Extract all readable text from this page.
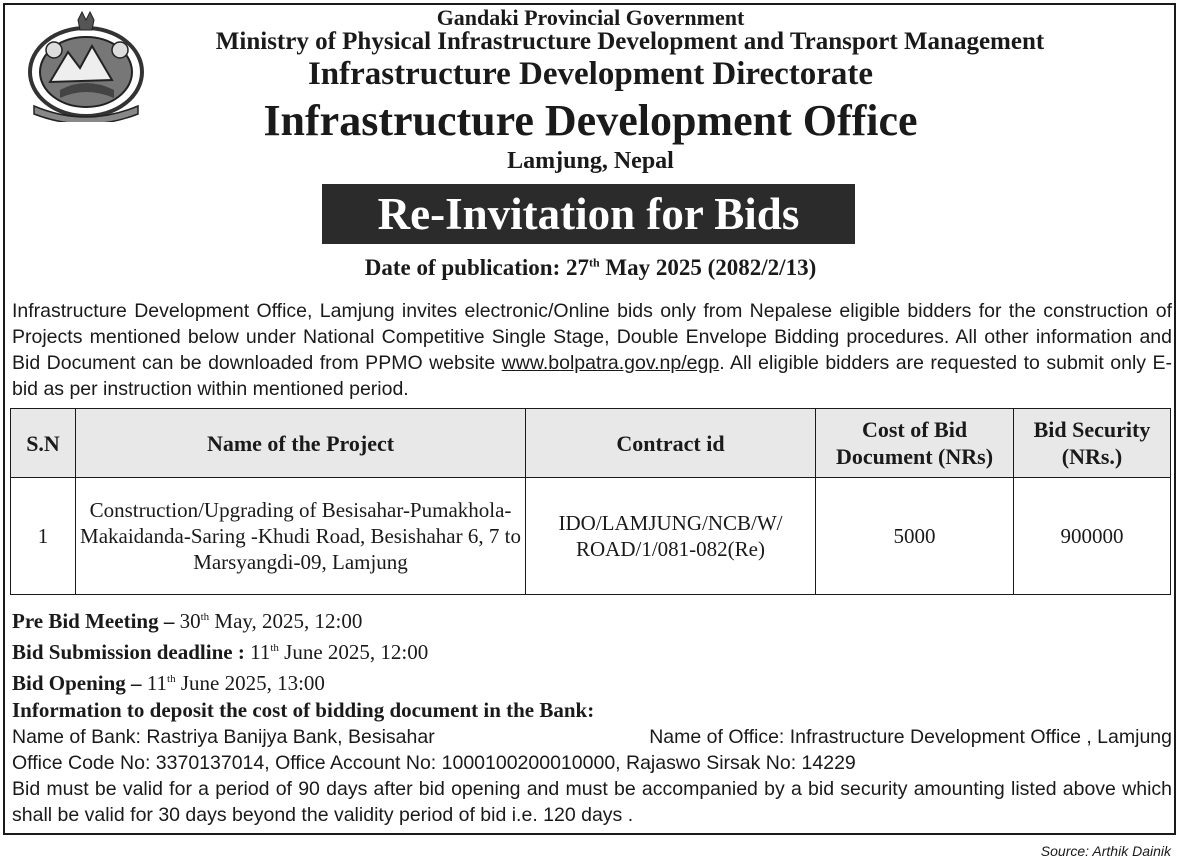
Gandaki Provincial Government
Ministry of Physical Infrastructure Development and Transport Management
Infrastructure Development Directorate
Infrastructure Development Office
Lamjung, Nepal
Re-Invitation for Bids
Date of publication: 27th May 2025 (2082/2/13)
Infrastructure Development Office, Lamjung invites electronic/Online bids only from Nepalese eligible bidders for the construction of Projects mentioned below under National Competitive Single Stage, Double Envelope Bidding procedures. All other information and Bid Document can be downloaded from PPMO website www.bolpatra.gov.np/egp. All eligible bidders are requested to submit only E-bid as per instruction within mentioned period.
S.N	Name of the Project	Contract id	Cost of Bid Document (NRs)	Bid Security (NRs.)
1	Construction/Upgrading of Besisahar-Pumakhola-Makaidanda-Saring -Khudi Road, Besishahar 6, 7 to Marsyangdi-09, Lamjung	IDO/LAMJUNG/NCB/W/ ROAD/1/081-082(Re)	5000	900000
Pre Bid Meeting – 30th May, 2025, 12:00
Bid Submission deadline : 11th June 2025, 12:00
Bid Opening – 11th June 2025, 13:00
Information to deposit the cost of bidding document in the Bank:
Name of Bank: Rastriya Banijya Bank, Besisahar	Name of Office: Infrastructure Development Office , Lamjung
Office Code No: 3370137014, Office Account No: 1000100200010000, Rajaswo Sirsak No: 14229
Bid must be valid for a period of 90 days after bid opening and must be accompanied by a bid security amounting listed above which shall be valid for 30 days beyond the validity period of bid i.e. 120 days .
Source: Arthik Dainik
